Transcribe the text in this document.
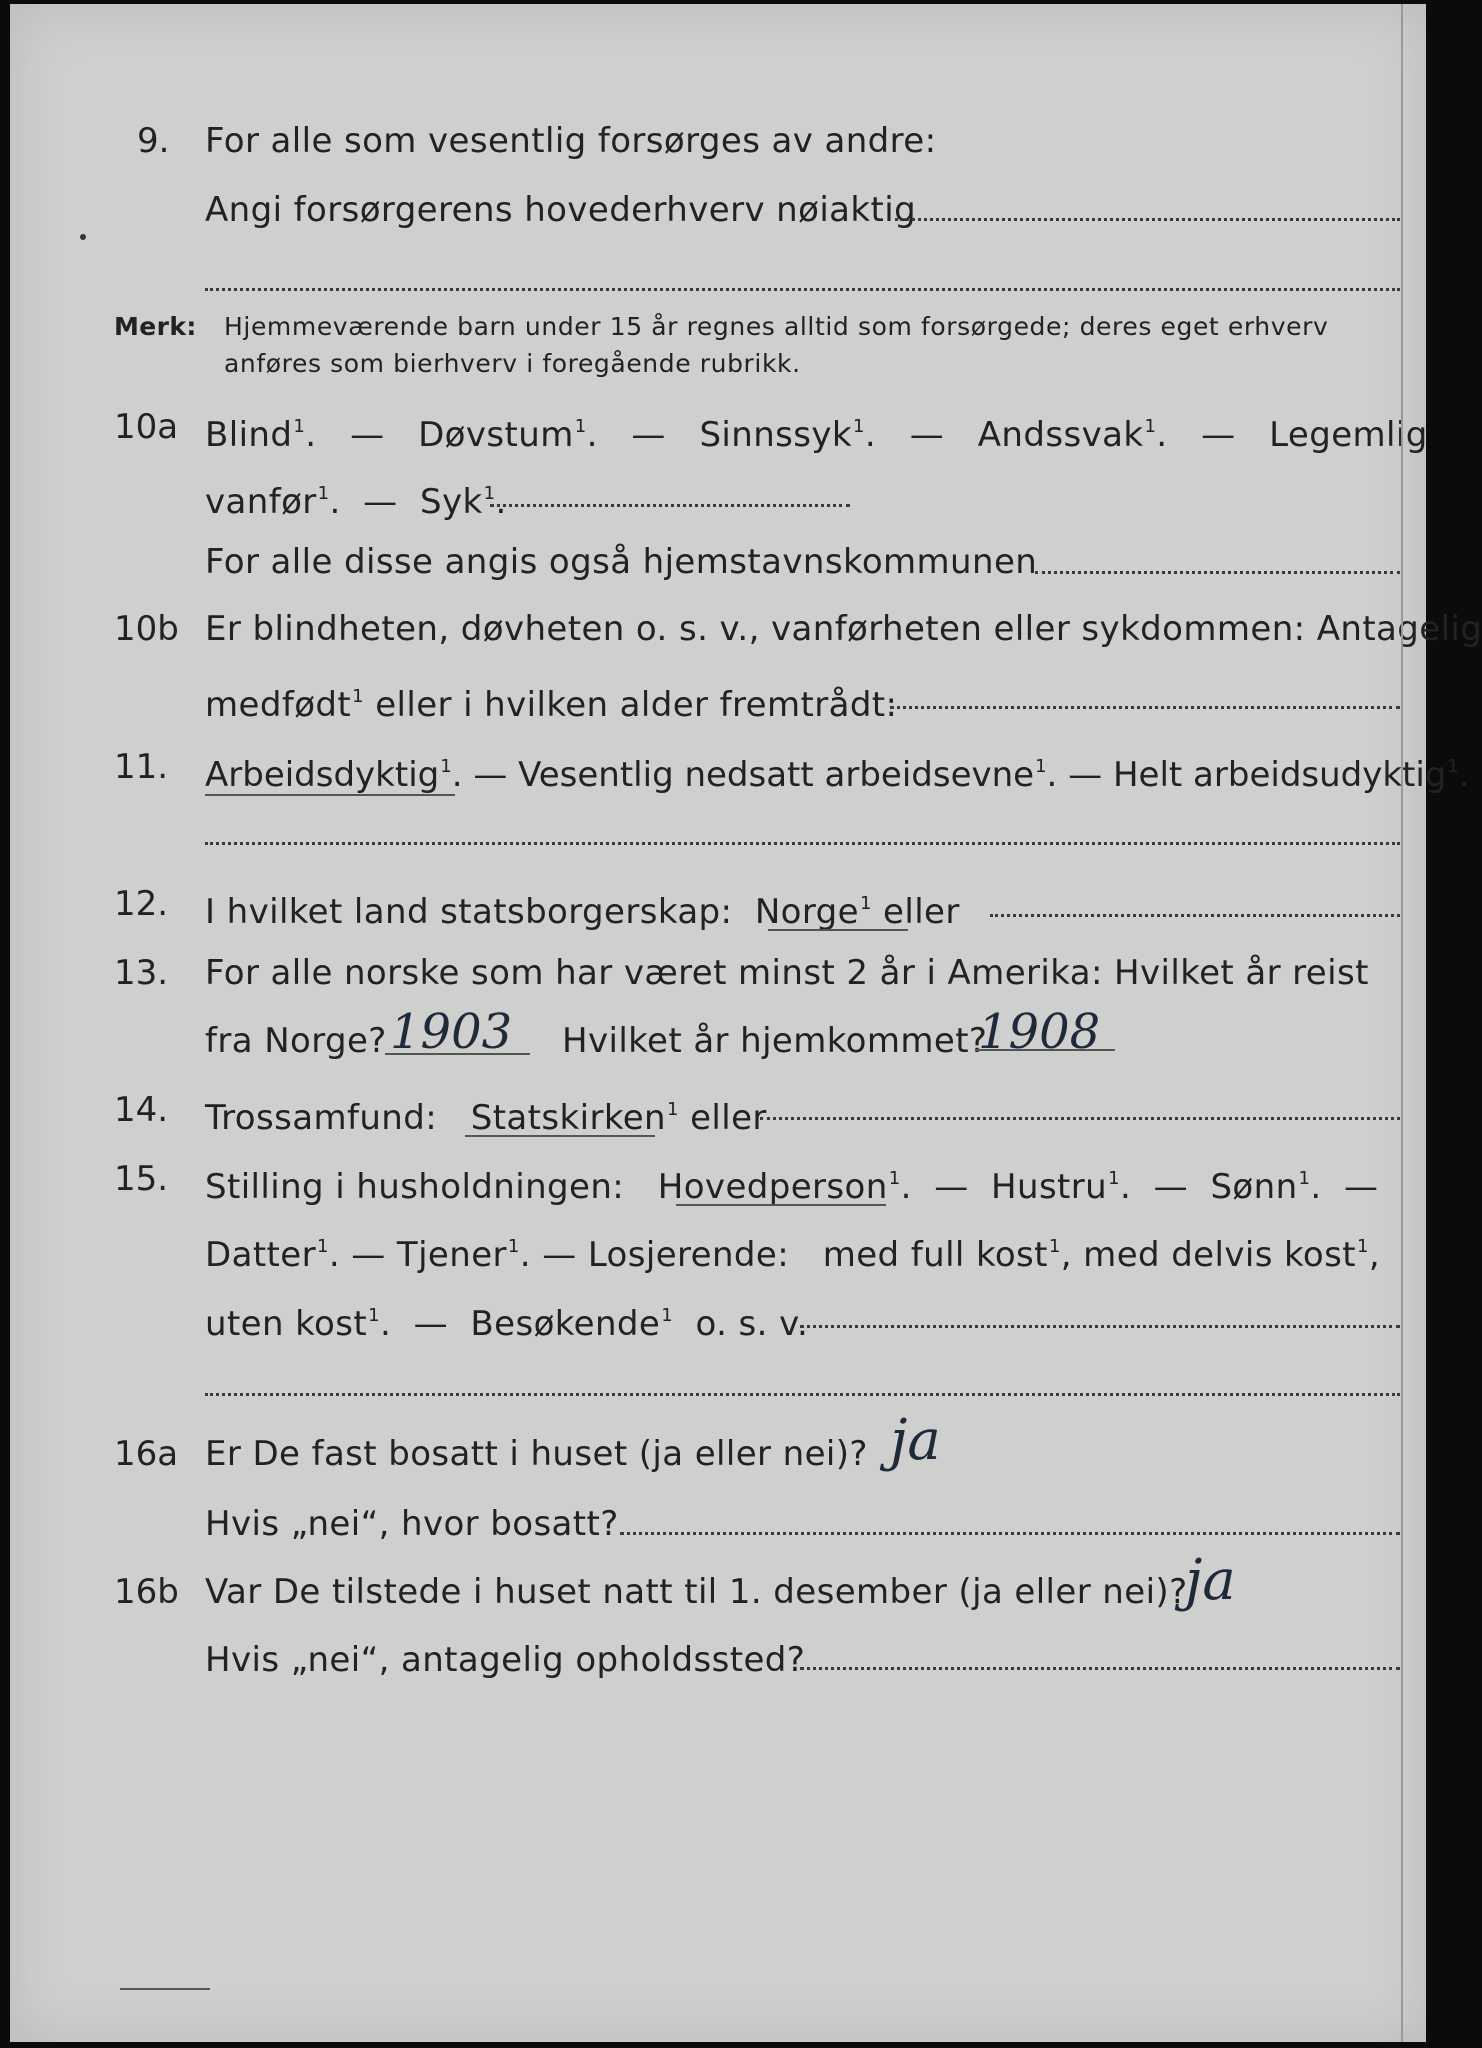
9. For alle som vesentlig forsørges av andre:
Angi forsørgerens hovederhverv nøiaktig
Merk: Hjemmeværende barn under 15 år regnes alltid som forsørgede; deres eget erhverv
anføres som bierhverv i foregående rubrikk.
10a Blind$^1$. — Døvstum$^1$. — Sinnssyk$^1$. — Andssvak$^1$. — Legemlig
vanfør$^1$. — Syk$^1$.
For alle disse angis også hjemstavnskommunen
10b Er blindheten, døvheten o. s. v., vanførheten eller sykdommen: Antagelig
medfødt$^1$ eller i hvilken alder fremtrådt:
11. Arbeidsdyktig$^1$. — Vesentlig nedsatt arbeidsevne$^1$. — Helt arbeidsudyktig$^1$.
12. I hvilket land statsborgerskap: Norge$^1$ eller
13. For alle norske som har været minst 2 år i Amerika: Hvilket år reist
fra Norge? 1903 Hvilket år hjemkommet?
1908
14. Trossamfund: Statskirken$^1$ eller
15. Stilling i husholdningen: Hovedperson$^1$. — Hustru$^1$. — Sønn$^1$. —
Datter$^1$. — Tjener$^1$. — Losjerende: med full kost$^1$, med delvis kost$^1$,
uten kost$^1$. — Besøkende$^1$ o. s. v.
16a Er De fast bosatt i huset (ja eller nei)? ja
Hvis „nei“, hvor bosatt?
16b Var De tilstede i huset natt til 1. desember (ja eller nei)?
ja
Hvis „nei“, antagelig opholdssted?
